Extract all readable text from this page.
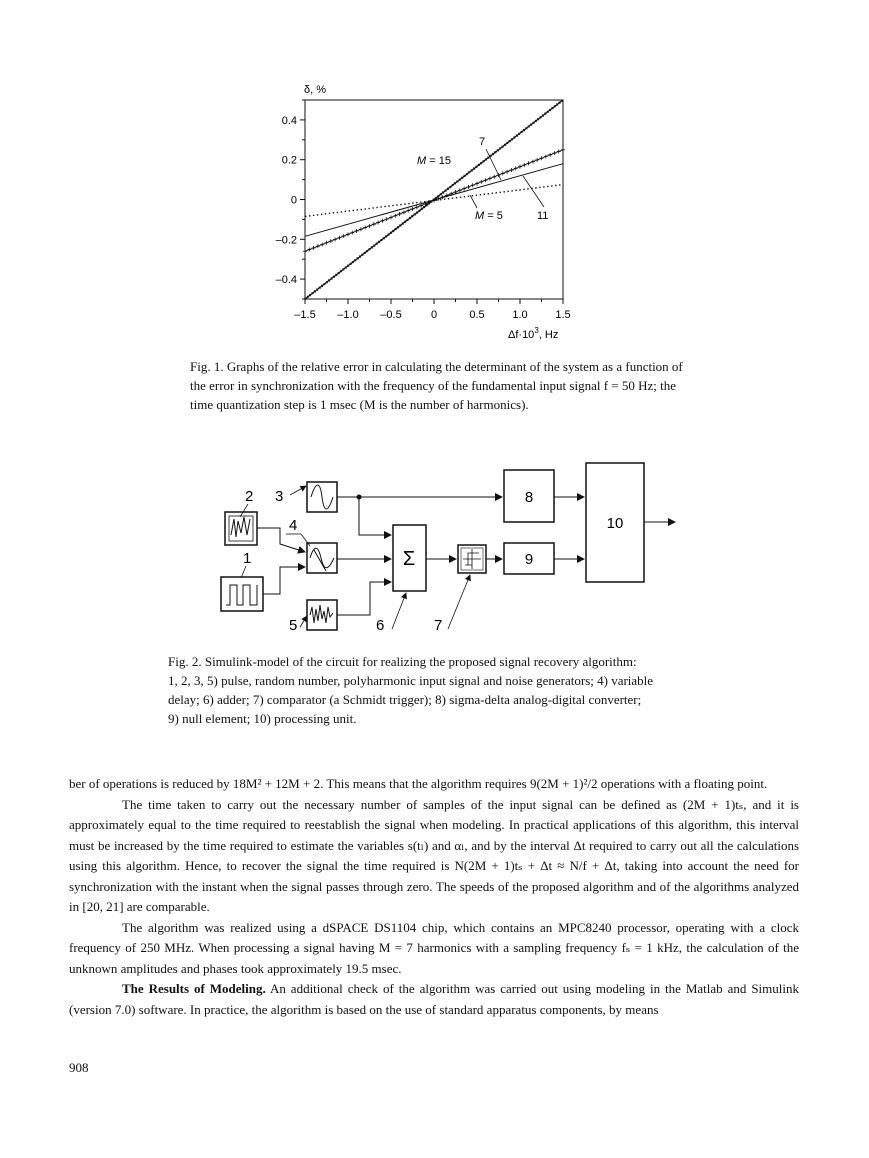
0.4
0.2
0
–0.2
–0.4
–1.5 –1.0 –0.5	0	0.5	1.0	1.5
δ, %
$\Delta f\cdot 10^3$, Hz
M = 15
M = 5
7
11
Fig. 1. Graphs of the relative error in calculating the determinant of the system as a function of the error in synchronization with the frequency of the fundamental input signal f = 50 Hz; the time quantization step is 1 msec (M is the number of harmonics).
Σ
8
9
10
2 3
4
1
5	6	7
Fig. 2. Simulink-model of the circuit for realizing the proposed signal recovery algorithm:
1, 2, 3, 5) pulse, random number, polyharmonic input signal and noise generators; 4) variable
delay; 6) adder; 7) comparator (a Schmidt trigger); 8) sigma-delta analog-digital converter;
9) null element; 10) processing unit.

ber of operations is reduced by 18M² + 12M + 2. This means that the algorithm requires 9(2M + 1)²/2 operations with a floating point.

The time taken to carry out the necessary number of samples of the input signal can be defined as (2M + 1)tₛ, and it is approximately equal to the time required to reestablish the signal when modeling. In practical applications of this algorithm, this interval must be increased by the time required to estimate the variables s(tₗ) and αₗ, and by the interval Δt required to carry out all the calculations using this algorithm. Hence, to recover the signal the time required is N(2M + 1)tₛ + Δt ≈ N/f + Δt, taking into account the need for synchronization with the instant when the signal passes through zero. The speeds of the proposed algorithm and of the algorithms analyzed in [20, 21] are comparable.

The algorithm was realized using a dSPACE DS1104 chip, which contains an MPC8240 processor, operating with a clock frequency of 250 MHz. When processing a signal having M = 7 harmonics with a sampling frequency fₛ = 1 kHz, the calculation of the unknown amplitudes and phases took approximately 19.5 msec.

The Results of Modeling. An additional check of the algorithm was carried out using modeling in the Matlab and Simulink (version 7.0) software. In practice, the algorithm is based on the use of standard apparatus components, by means

908
